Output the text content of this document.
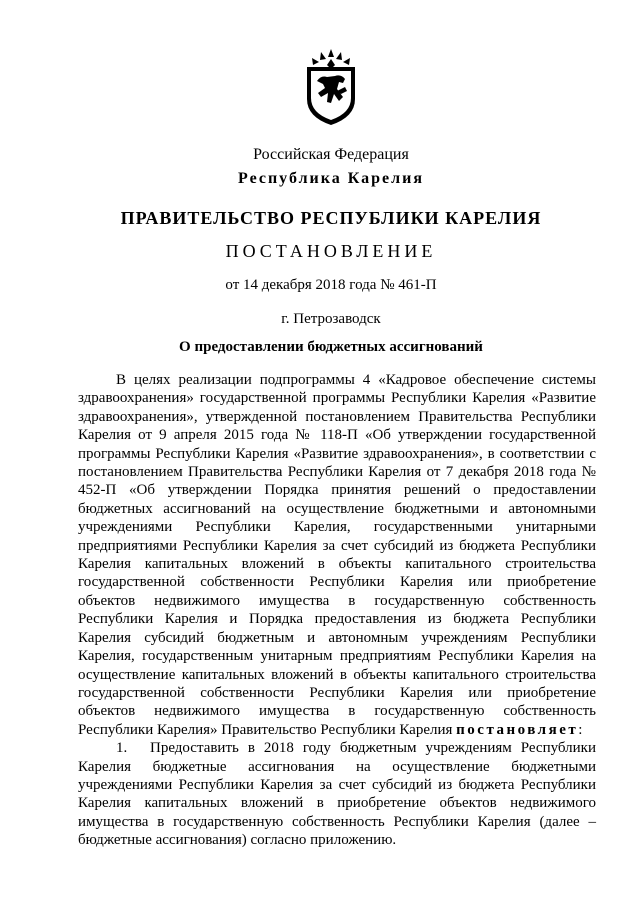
Российская Федерация
Республика Карелия
ПРАВИТЕЛЬСТВО РЕСПУБЛИКИ КАРЕЛИЯ
ПОСТАНОВЛЕНИЕ
от 14 декабря 2018 года № 461-П
г. Петрозаводск
О предоставлении бюджетных ассигнований

В целях реализации подпрограммы 4 «Кадровое обеспечение системы здравоохранения» государственной программы Республики Карелия «Развитие здравоохранения», утвержденной постановлением Правительства Республики Карелия от 9 апреля 2015 года № 118-П «Об утверждении государственной программы Республики Карелия «Развитие здравоохранения», в соответствии с постановлением Правительства Республики Карелия от 7 декабря 2018 года № 452-П «Об утверждении Порядка принятия решений о предоставлении бюджетных ассигнований на осуществление бюджетными и автономными учреждениями Республики Карелия, государственными унитарными предприятиями Республики Карелия за счет субсидий из бюджета Республики Карелия капитальных вложений в объекты капитального строительства государственной собственности Республики Карелия или приобретение объектов недвижимого имущества в государственную собственность Республики Карелия и Порядка предоставления из бюджета Республики Карелия субсидий бюджетным и автономным учреждениям Республики Карелия, государственным унитарным предприятиям Республики Карелия на осуществление капитальных вложений в объекты капитального строительства государственной собственности Республики Карелия или приобретение объектов недвижимого имущества в государственную собственность Республики Карелия» Правительство Республики Карелия постановляет:

1. Предоставить в 2018 году бюджетным учреждениям Республики Карелия бюджетные ассигнования на осуществление бюджетными учреждениями Республики Карелия за счет субсидий из бюджета Республики Карелия капитальных вложений в приобретение объектов недвижимого имущества в государственную собственность Республики Карелия (далее – бюджетные ассигнования) согласно приложению.
